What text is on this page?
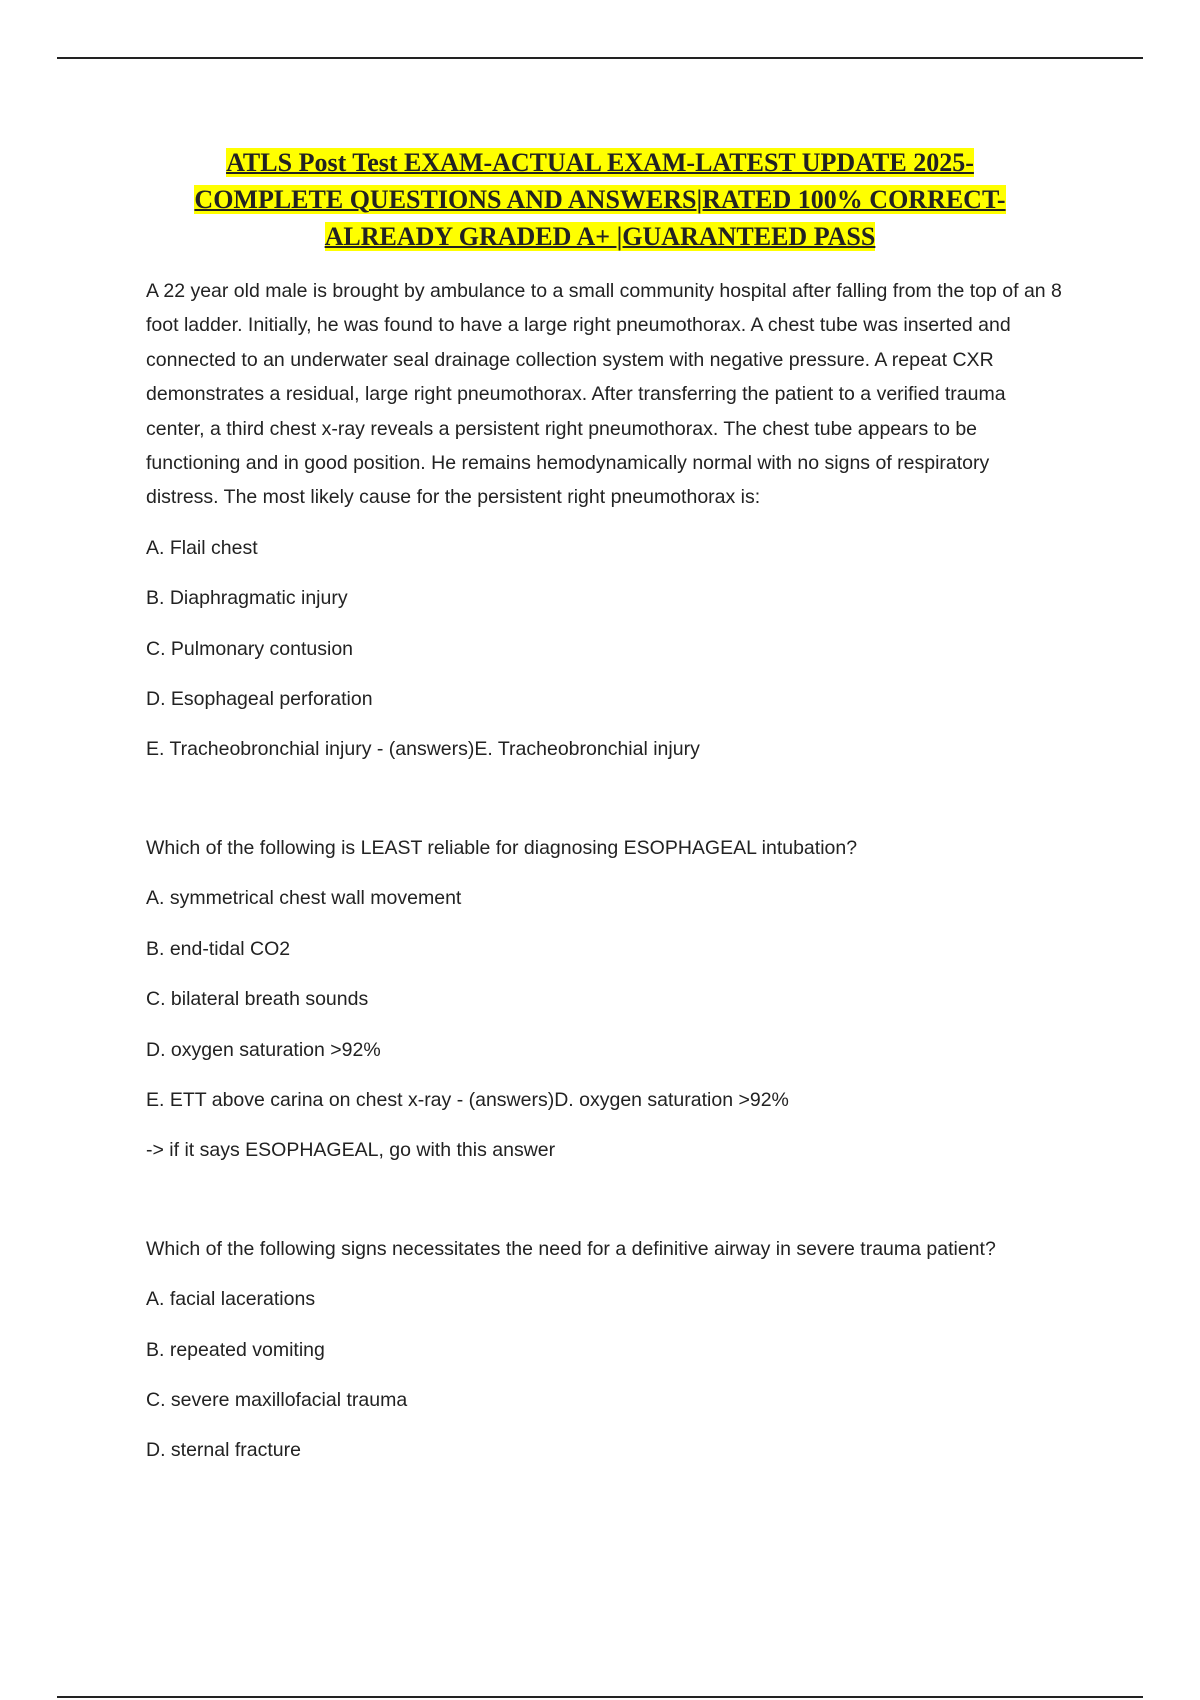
ATLS Post Test EXAM-ACTUAL EXAM-LATEST UPDATE 2025-
COMPLETE QUESTIONS AND ANSWERS|RATED 100% CORRECT-
ALREADY GRADED A+ |GUARANTEED PASS

A 22 year old male is brought by ambulance to a small community hospital after falling from the top of an 8 foot ladder. Initially, he was found to have a large right pneumothorax. A chest tube was inserted and connected to an underwater seal drainage collection system with negative pressure. A repeat CXR demonstrates a residual, large right pneumothorax. After transferring the patient to a verified trauma center, a third chest x-ray reveals a persistent right pneumothorax. The chest tube appears to be functioning and in good position. He remains hemodynamically normal with no signs of respiratory distress. The most likely cause for the persistent right pneumothorax is:

A. Flail chest

B. Diaphragmatic injury

C. Pulmonary contusion

D. Esophageal perforation

E. Tracheobronchial injury - (answers)E. Tracheobronchial injury

Which of the following is LEAST reliable for diagnosing ESOPHAGEAL intubation?

A. symmetrical chest wall movement

B. end-tidal CO2

C. bilateral breath sounds

D. oxygen saturation >92%

E. ETT above carina on chest x-ray - (answers)D. oxygen saturation >92%

-> if it says ESOPHAGEAL, go with this answer

Which of the following signs necessitates the need for a definitive airway in severe trauma patient?

A. facial lacerations

B. repeated vomiting

C. severe maxillofacial trauma

D. sternal fracture
